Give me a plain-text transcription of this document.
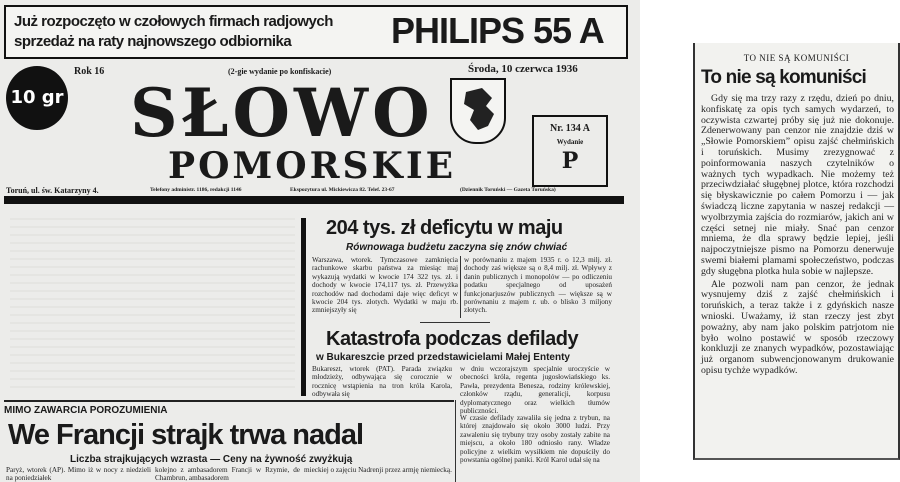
Już rozpoczęto w czołowych firmach radjowych
sprzedaż na raty najnowszego odbiornika	PHILIPS 55 A
10 gr
Rok 16	(2-gie wydanie po konfiskacie)	Środa, 10 czerwca 1936
SŁOWO
POMORSKIE
Nr. 134 A
Wydanie
P
Toruń, ul. św. Katarzyny 4.	Telefony administr. 1186, redakcji 1146	Ekspozytura ul. Mickiewicza 82. Telef. 23-67	(Dziennik Toruński — Gazeta Toruńska)
204 tys. zł deficytu w maju
Równowaga budżetu zaczyna się znów chwiać
Warszawa, wtorek. Tymczasowe zamknięcia rachunkowe skarbu państwa za miesiąc maj wykazują wydatki w kwocie 174 322 tys. zł. i dochody w kwocie 174,117 tys. zł. Przewyżka rozchodów nad dochodami daje więc deficyt w kwocie 204 tys. złotych. Wydatki w maju rb. zmniejszyły się
w porównaniu z majem 1935 r. o 12,3 milj. zł. dochody zaś większe są o 8,4 milj. zł. Wpływy z danin publicznych i monopolów — po odliczeniu podatku specjalnego od uposażeń funkcjonarjuszów publicznych — większe są w porównaniu z majem r. ub. o blisko 3 miljony złotych.
Katastrofa podczas defilady
w Bukareszcie przed przedstawicielami Małej Ententy
Bukareszt, wtorek (PAT). Parada związku młodzieży, odbywająca się corocznie w rocznicę wstąpienia na tron króla Karola, odbywała się
w dniu wczorajszym specjalnie uroczyście w obecności króla, regenta jugosłowiańskiego ks. Pawła, prezydenta Benesza, rodziny królewskiej, członków rządu, generalicji, korpusu dyplomatycznego oraz wielkich tłumów publiczności.
W czasie defilady zawaliła się jedna z trybun, na której znajdowało się około 3000 ludzi. Przy zawaleniu się trybuny trzy osoby zostały zabite na miejscu, a około 180 odniosło rany. Władze policyjne z wielkim wysiłkiem nie dopuściły do powstania ogólnej paniki. Król Karol udał się na
MIMO ZAWARCIA POROZUMIENIA
We Francji strajk trwa nadal
Liczba strajkujących wzrasta — Ceny na żywność zwyżkują
Paryż, wtorek (AP). Mimo iż w nocy z niedzieli na poniedziałek
kolejno z ambasadorem Francji w Rzymie, de Chambrun, ambasadorem
mieckiej o zajęciu Nadrenji przez armję niemiecką.
TO NIE SĄ KOMUNIŚCI
To nie są komuniści
Gdy się ma trzy razy z rzędu, dzień po dniu, konfiskatę za opis tych samych wydarzeń, to oczywista czwartej próby się już nie dokonuje. Zdenerwowany pan cenzor nie znajdzie dziś w „Słowie Pomorskiem” opisu zajść chełmińskich i toruńskich. Musimy zrezygnować z poinformowania naszych czytelników o ważnych tych wypadkach. Nie możemy też przeciwdziałać sługębnej plotce, która rozchodzi się błyskawicznie po całem Pomorzu i — jak świadczą liczne zapytania w naszej redakcji — wyolbrzymia zajścia do rozmiarów, jakich ani w części setnej nie miały. Snać pan cenzor mniema, że dla sprawy będzie lepiej, jeśli najpoczytniejsze pismo na Pomorzu denerwuje swemi białemi plamami społeczeństwo, podczas gdy sługębna plotka hula sobie w najlepsze.
Ale pozwoli nam pan cenzor, że jednak wysnujemy dziś z zajść chełmińskich i toruńskich, a teraz także i z gdyńskich nasze wnioski. Uważamy, iż stan rzeczy jest zbyt poważny, aby nam jako polskim patrjotom nie było wolno postawić w sposób rzeczowy konkluzji ze znanych wypadków, pozostawiając już organom subwencjonowanym drukowanie opisu tychże wypadków.
